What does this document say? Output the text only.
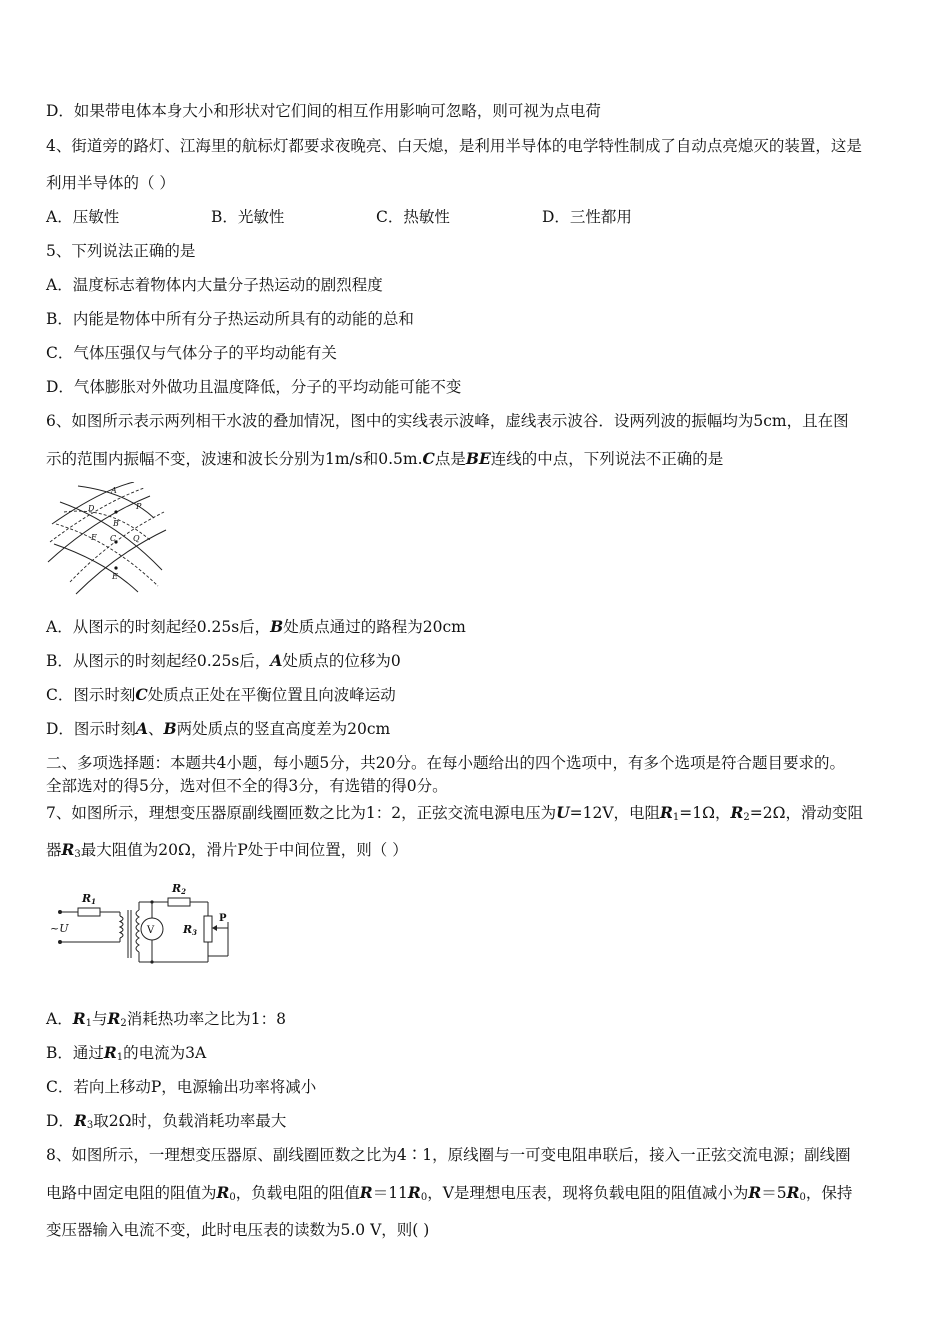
D．如果带电体本身大小和形状对它们间的相互作用影响可忽略，则可视为点电荷
4、街道旁的路灯、江海里的航标灯都要求夜晚亮、白天熄，是利用半导体的电学特性制成了自动点亮熄灭的装置，这是
利用半导体的（ ）
A．压敏性	B．光敏性	C．热敏性	D．三性都用
5、下列说法正确的是
A．温度标志着物体内大量分子热运动的剧烈程度
B．内能是物体中所有分子热运动所具有的动能的总和
C．气体压强仅与气体分子的平均动能有关
D．气体膨胀对外做功且温度降低，分子的平均动能可能不变
6、如图所示表示两列相干水波的叠加情况，图中的实线表示波峰，虚线表示波谷．设两列波的振幅均为5cm，且在图
示的范围内振幅不变，波速和波长分别为1m/s和0.5m.C点是BE连线的中点，下列说法不正确的是
A
P
D
B
F C Q
E
A．从图示的时刻起经0.25s后，B处质点通过的路程为20cm
B．从图示的时刻起经0.25s后，A处质点的位移为0
C．图示时刻C处质点正处在平衡位置且向波峰运动
D．图示时刻A、B两处质点的竖直高度差为20cm
二、多项选择题：本题共4小题，每小题5分，共20分。在每小题给出的四个选项中，有多个选项是符合题目要求的。
全部选对的得5分，选对但不全的得3分，有选错的得0分。
7、如图所示，理想变压器原副线圈匝数之比为1：2，正弦交流电源电压为U=12V，电阻$R_1=1\Omega$，$R_2=2\Omega$，滑动变阻
器$R_3$最大阻值为20Ω，滑片P处于中间位置，则（ ）
R1
R2
R3
~U
P
V
A．$R_1$与$R_2$消耗热功率之比为1：8
B．通过$R_1$的电流为3A
C．若向上移动P，电源输出功率将减小
D．$R_3$取2Ω时，负载消耗功率最大
8、如图所示，一理想变压器原、副线圈匝数之比为4∶1，原线圈与一可变电阻串联后，接入一正弦交流电源；副线圈
电路中固定电阻的阻值为$R_0$，负载电阻的阻值$R=11R_0$，V是理想电压表，现将负载电阻的阻值减小为$R=5R_0$，保持
变压器输入电流不变，此时电压表的读数为5.0 V，则( )
